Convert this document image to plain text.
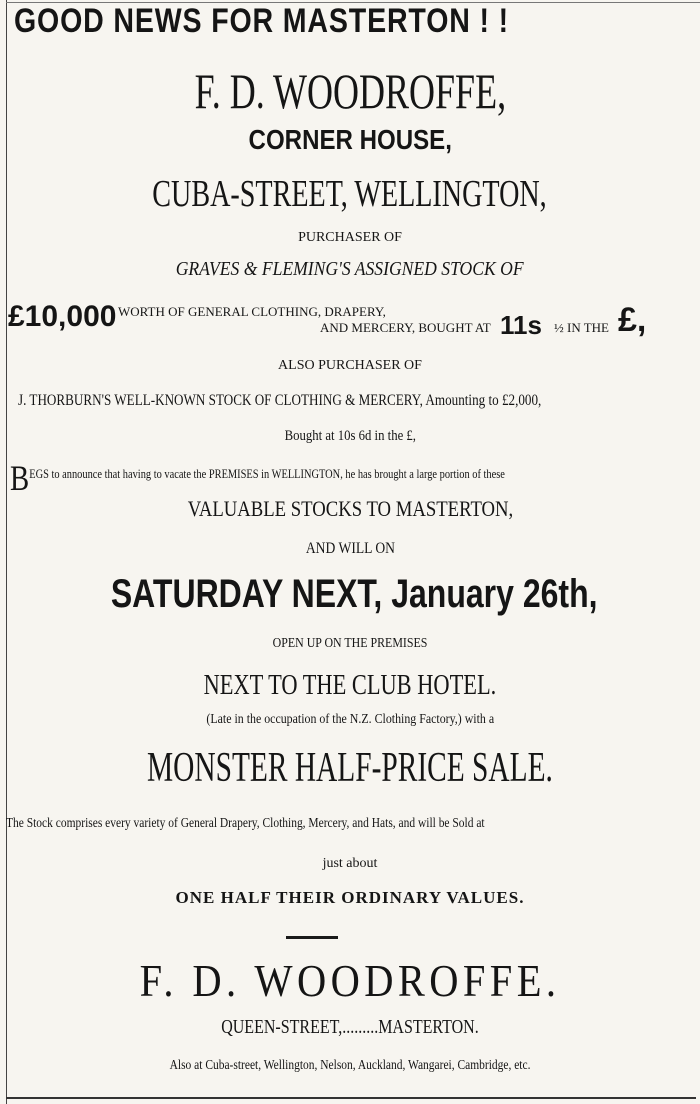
GOOD NEWS FOR MASTERTON ! !
F. D. WOODROFFE,
CORNER HOUSE,
CUBA-STREET, WELLINGTON,
PURCHASER OF
GRAVES & FLEMING'S ASSIGNED STOCK OF
£10,000 WORTH OF GENERAL CLOTHING, DRAPERY,
AND MERCERY, BOUGHT AT 11s ½ IN THE £,
ALSO PURCHASER OF
J. THORBURN'S WELL-KNOWN STOCK OF CLOTHING & MERCERY, Amounting to £2,000,
Bought at 10s 6d in the £,
BEGS to announce that having to vacate the PREMISES in WELLINGTON, he has brought a large portion of these
VALUABLE STOCKS TO MASTERTON,
AND WILL ON
SATURDAY NEXT, January 26th,
OPEN UP ON THE PREMISES
NEXT TO THE CLUB HOTEL.
(Late in the occupation of the N.Z. Clothing Factory,) with a
MONSTER HALF-PRICE SALE.
The Stock comprises every variety of General Drapery, Clothing, Mercery, and Hats, and will be Sold at
just about
ONE HALF THEIR ORDINARY VALUES.
F. D. WOODROFFE.
QUEEN-STREET,.........MASTERTON.
Also at Cuba-street, Wellington, Nelson, Auckland, Wangarei, Cambridge, etc.
